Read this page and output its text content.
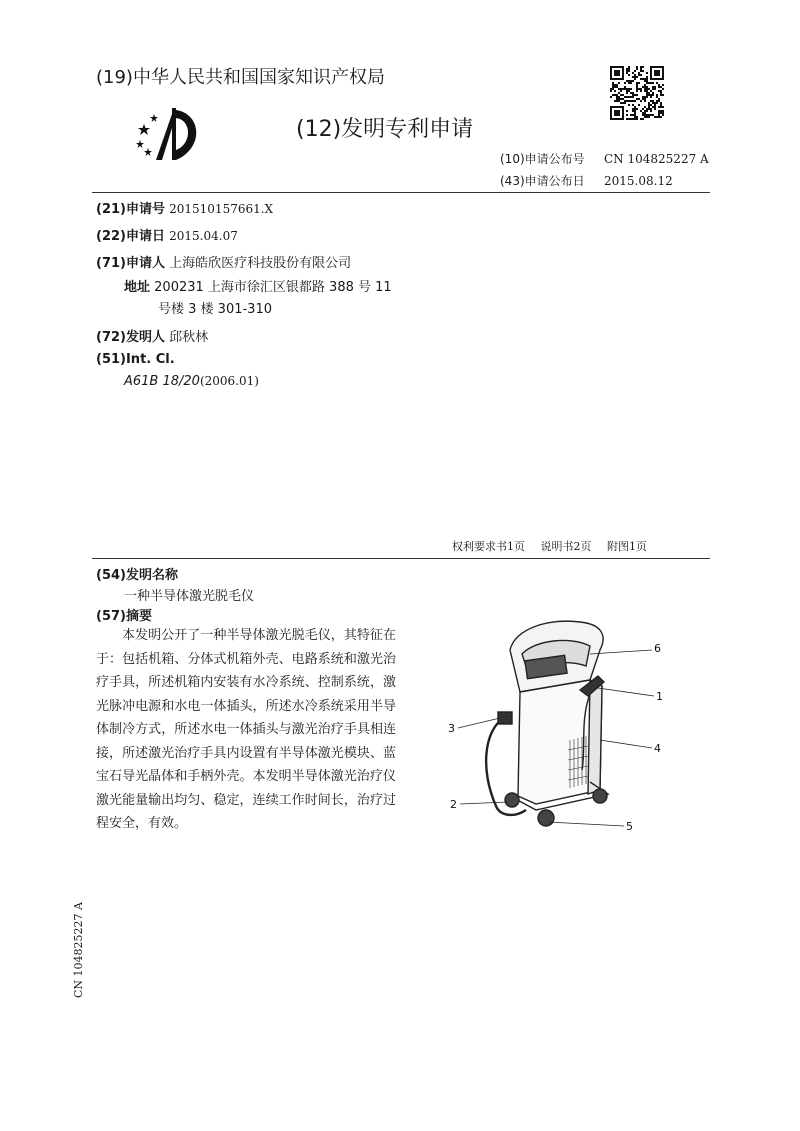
(19)中华人民共和国国家知识产权局
(12)发明专利申请
(10)申请公布号 CN 104825227 A
(43)申请公布日 2015.08.12
(21)申请号 201510157661.X
(22)申请日 2015.04.07
(71)申请人 上海皓欣医疗科技股份有限公司
地址 200231 上海市徐汇区银都路 388 号 11
号楼 3 楼 301-310
(72)发明人 邱秋林
(51)Int. Cl.
A61B 18/20(2006.01)
权利要求书1页 说明书2页 附图1页
(54)发明名称
一种半导体激光脱毛仪
(57)摘要

本发明公开了一种半导体激光脱毛仪，其特征在于：包括机箱、分体式机箱外壳、电路系统和激光治疗手具，所述机箱内安装有水冷系统、控制系统，激光脉冲电源和水电一体插头，所述水冷系统采用半导体制冷方式，所述水电一体插头与激光治疗手具相连接，所述激光治疗手具内设置有半导体激光模块、蓝宝石导光晶体和手柄外壳。本发明半导体激光治疗仪激光能量输出均匀、稳定，连续工作时间长，治疗过程安全，有效。

6
1
3
4
2
5
CN 104825227 A
